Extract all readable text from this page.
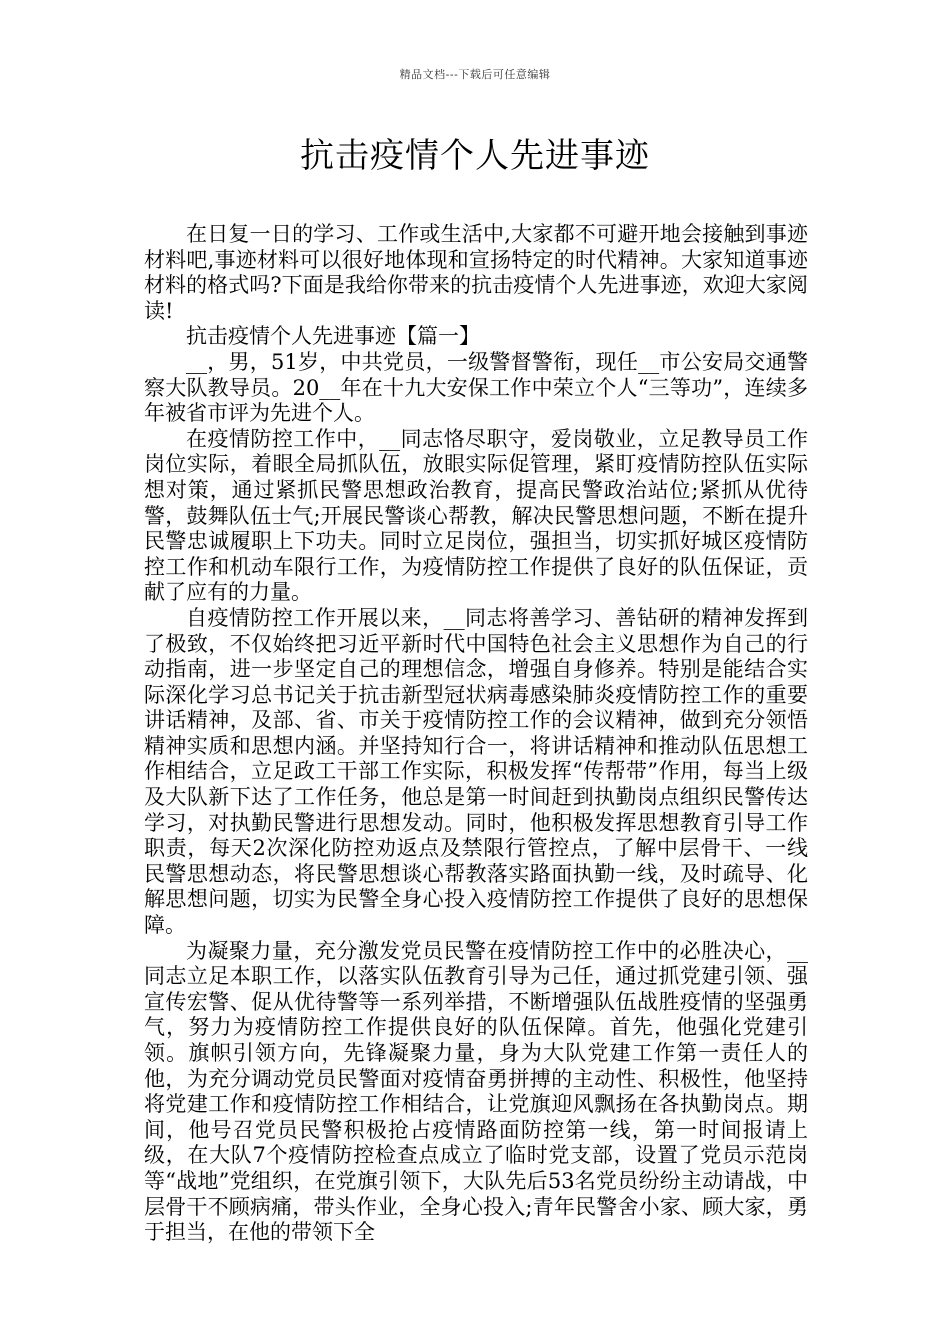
精品文档---下载后可任意编辑
抗击疫情个人先进事迹

在日复一日的学习、工作或生活中,大家都不可避开地会接触到事迹材料吧,事迹材料可以很好地体现和宣扬特定的时代精神。大家知道事迹材料的格式吗?下面是我给你带来的抗击疫情个人先进事迹，欢迎大家阅读!

抗击疫情个人先进事迹【篇一】

__，男，51岁，中共党员，一级警督警衔，现任__市公安局交通警察大队教导员。20__年在十九大安保工作中荣立个人“三等功”，连续多年被省市评为先进个人。

在疫情防控工作中，__同志恪尽职守，爱岗敬业，立足教导员工作岗位实际，着眼全局抓队伍，放眼实际促管理，紧盯疫情防控队伍实际想对策，通过紧抓民警思想政治教育，提高民警政治站位;紧抓从优待警，鼓舞队伍士气;开展民警谈心帮教，解决民警思想问题，不断在提升民警忠诚履职上下功夫。同时立足岗位，强担当，切实抓好城区疫情防控工作和机动车限行工作，为疫情防控工作提供了良好的队伍保证，贡献了应有的力量。

自疫情防控工作开展以来，__同志将善学习、善钻研的精神发挥到了极致，不仅始终把习近平新时代中国特色社会主义思想作为自己的行动指南，进一步坚定自己的理想信念，增强自身修养。特别是能结合实际深化学习总书记关于抗击新型冠状病毒感染肺炎疫情防控工作的重要讲话精神，及部、省、市关于疫情防控工作的会议精神，做到充分领悟精神实质和思想内涵。并坚持知行合一，将讲话精神和推动队伍思想工作相结合，立足政工干部工作实际，积极发挥“传帮带”作用，每当上级及大队新下达了工作任务，他总是第一时间赶到执勤岗点组织民警传达学习，对执勤民警进行思想发动。同时，他积极发挥思想教育引导工作职责，每天2次深化防控劝返点及禁限行管控点，了解中层骨干、一线民警思想动态，将民警思想谈心帮教落实路面执勤一线，及时疏导、化解思想问题，切实为民警全身心投入疫情防控工作提供了良好的思想保障。

为凝聚力量，充分激发党员民警在疫情防控工作中的必胜决心，__同志立足本职工作，以落实队伍教育引导为己任，通过抓党建引领、强宣传宏警、促从优待警等一系列举措，不断增强队伍战胜疫情的坚强勇气，努力为疫情防控工作提供良好的队伍保障。首先，他强化党建引领。旗帜引领方向，先锋凝聚力量，身为大队党建工作第一责任人的他，为充分调动党员民警面对疫情奋勇拼搏的主动性、积极性，他坚持将党建工作和疫情防控工作相结合，让党旗迎风飘扬在各执勤岗点。期间，他号召党员民警积极抢占疫情路面防控第一线，第一时间报请上级，在大队7个疫情防控检查点成立了临时党支部，设置了党员示范岗等“战地”党组织，在党旗引领下，大队先后53名党员纷纷主动请战，中层骨干不顾病痛，带头作业，全身心投入;青年民警舍小家、顾大家，勇于担当，在他的带领下全
